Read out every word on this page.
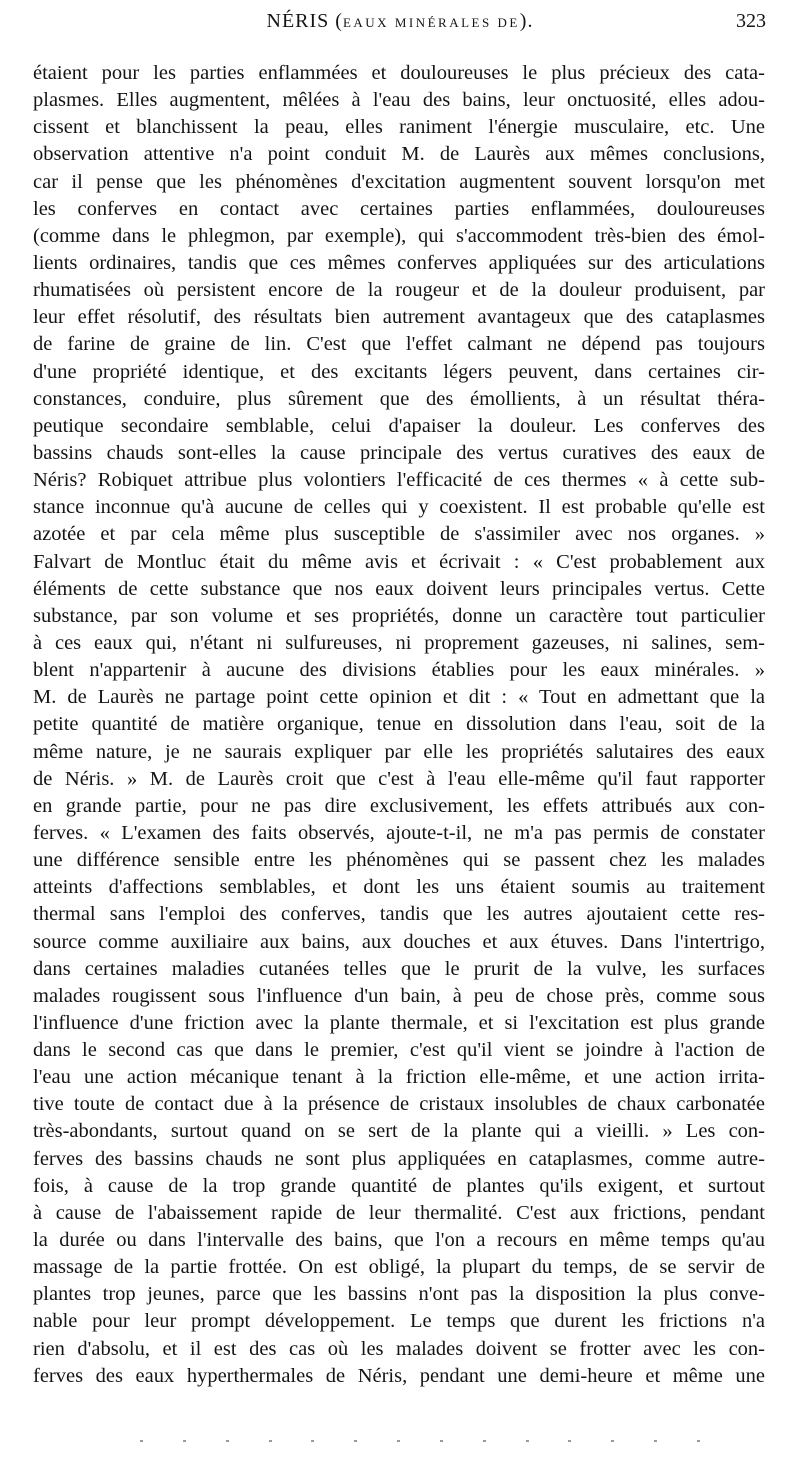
NÉRIS (EAUX MINÉRALES DE).	323
étaient pour les parties enflammées et douloureuses le plus précieux des cata-
plasmes. Elles augmentent, mêlées à l'eau des bains, leur onctuosité, elles adou-
cissent et blanchissent la peau, elles raniment l'énergie musculaire, etc. Une
observation attentive n'a point conduit M. de Laurès aux mêmes conclusions,
car il pense que les phénomènes d'excitation augmentent souvent lorsqu'on met
les conferves en contact avec certaines parties enflammées, douloureuses
(comme dans le phlegmon, par exemple), qui s'accommodent très-bien des émol-
lients ordinaires, tandis que ces mêmes conferves appliquées sur des articulations
rhumatisées où persistent encore de la rougeur et de la douleur produisent, par
leur effet résolutif, des résultats bien autrement avantageux que des cataplasmes
de farine de graine de lin. C'est que l'effet calmant ne dépend pas toujours
d'une propriété identique, et des excitants légers peuvent, dans certaines cir-
constances, conduire, plus sûrement que des émollients, à un résultat théra-
peutique secondaire semblable, celui d'apaiser la douleur. Les conferves des
bassins chauds sont-elles la cause principale des vertus curatives des eaux de
Néris? Robiquet attribue plus volontiers l'efficacité de ces thermes « à cette sub-
stance inconnue qu'à aucune de celles qui y coexistent. Il est probable qu'elle est
azotée et par cela même plus susceptible de s'assimiler avec nos organes. »
Falvart de Montluc était du même avis et écrivait : « C'est probablement aux
éléments de cette substance que nos eaux doivent leurs principales vertus. Cette
substance, par son volume et ses propriétés, donne un caractère tout particulier
à ces eaux qui, n'étant ni sulfureuses, ni proprement gazeuses, ni salines, sem-
blent n'appartenir à aucune des divisions établies pour les eaux minérales. »
M. de Laurès ne partage point cette opinion et dit : « Tout en admettant que la
petite quantité de matière organique, tenue en dissolution dans l'eau, soit de la
même nature, je ne saurais expliquer par elle les propriétés salutaires des eaux
de Néris. » M. de Laurès croit que c'est à l'eau elle-même qu'il faut rapporter
en grande partie, pour ne pas dire exclusivement, les effets attribués aux con-
ferves. « L'examen des faits observés, ajoute-t-il, ne m'a pas permis de constater
une différence sensible entre les phénomènes qui se passent chez les malades
atteints d'affections semblables, et dont les uns étaient soumis au traitement
thermal sans l'emploi des conferves, tandis que les autres ajoutaient cette res-
source comme auxiliaire aux bains, aux douches et aux étuves. Dans l'intertrigo,
dans certaines maladies cutanées telles que le prurit de la vulve, les surfaces
malades rougissent sous l'influence d'un bain, à peu de chose près, comme sous
l'influence d'une friction avec la plante thermale, et si l'excitation est plus grande
dans le second cas que dans le premier, c'est qu'il vient se joindre à l'action de
l'eau une action mécanique tenant à la friction elle-même, et une action irrita-
tive toute de contact due à la présence de cristaux insolubles de chaux carbonatée
très-abondants, surtout quand on se sert de la plante qui a vieilli. » Les con-
ferves des bassins chauds ne sont plus appliquées en cataplasmes, comme autre-
fois, à cause de la trop grande quantité de plantes qu'ils exigent, et surtout
à cause de l'abaissement rapide de leur thermalité. C'est aux frictions, pendant
la durée ou dans l'intervalle des bains, que l'on a recours en même temps qu'au
massage de la partie frottée. On est obligé, la plupart du temps, de se servir de
plantes trop jeunes, parce que les bassins n'ont pas la disposition la plus conve-
nable pour leur prompt développement. Le temps que durent les frictions n'a
rien d'absolu, et il est des cas où les malades doivent se frotter avec les con-
ferves des eaux hyperthermales de Néris, pendant une demi-heure et même une
